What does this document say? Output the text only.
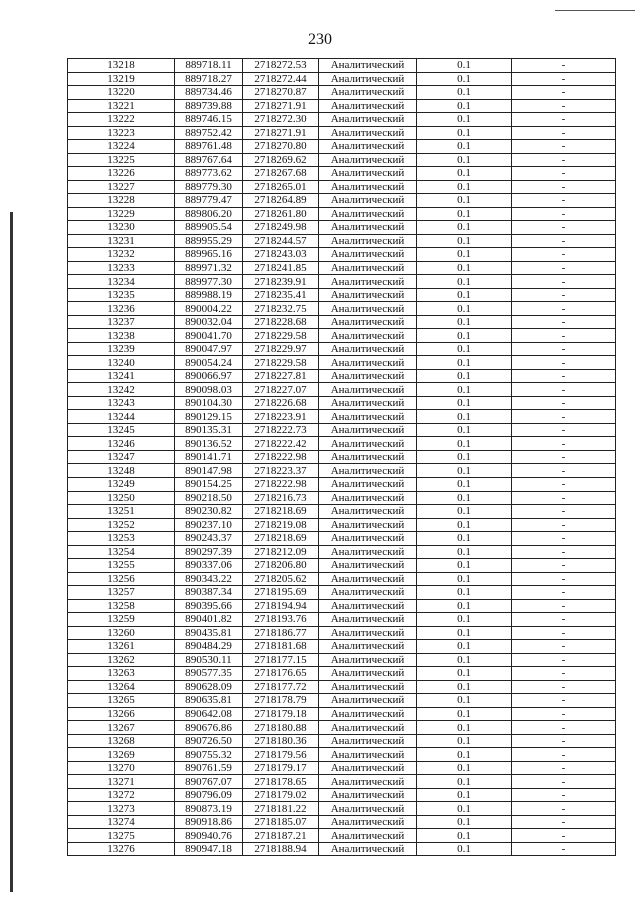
230
13218	889718.11	2718272.53	Аналитический	0.1	-
13219	889718.27	2718272.44	Аналитический	0.1	-
13220	889734.46	2718270.87	Аналитический	0.1	-
13221	889739.88	2718271.91	Аналитический	0.1	-
13222	889746.15	2718272.30	Аналитический	0.1	-
13223	889752.42	2718271.91	Аналитический	0.1	-
13224	889761.48	2718270.80	Аналитический	0.1	-
13225	889767.64	2718269.62	Аналитический	0.1	-
13226	889773.62	2718267.68	Аналитический	0.1	-
13227	889779.30	2718265.01	Аналитический	0.1	-
13228	889779.47	2718264.89	Аналитический	0.1	-
13229	889806.20	2718261.80	Аналитический	0.1	-
13230	889905.54	2718249.98	Аналитический	0.1	-
13231	889955.29	2718244.57	Аналитический	0.1	-
13232	889965.16	2718243.03	Аналитический	0.1	-
13233	889971.32	2718241.85	Аналитический	0.1	-
13234	889977.30	2718239.91	Аналитический	0.1	-
13235	889988.19	2718235.41	Аналитический	0.1	-
13236	890004.22	2718232.75	Аналитический	0.1	-
13237	890032.04	2718228.68	Аналитический	0.1	-
13238	890041.70	2718229.58	Аналитический	0.1	-
13239	890047.97	2718229.97	Аналитический	0.1	-
13240	890054.24	2718229.58	Аналитический	0.1	-
13241	890066.97	2718227.81	Аналитический	0.1	-
13242	890098.03	2718227.07	Аналитический	0.1	-
13243	890104.30	2718226.68	Аналитический	0.1	-
13244	890129.15	2718223.91	Аналитический	0.1	-
13245	890135.31	2718222.73	Аналитический	0.1	-
13246	890136.52	2718222.42	Аналитический	0.1	-
13247	890141.71	2718222.98	Аналитический	0.1	-
13248	890147.98	2718223.37	Аналитический	0.1	-
13249	890154.25	2718222.98	Аналитический	0.1	-
13250	890218.50	2718216.73	Аналитический	0.1	-
13251	890230.82	2718218.69	Аналитический	0.1	-
13252	890237.10	2718219.08	Аналитический	0.1	-
13253	890243.37	2718218.69	Аналитический	0.1	-
13254	890297.39	2718212.09	Аналитический	0.1	-
13255	890337.06	2718206.80	Аналитический	0.1	-
13256	890343.22	2718205.62	Аналитический	0.1	-
13257	890387.34	2718195.69	Аналитический	0.1	-
13258	890395.66	2718194.94	Аналитический	0.1	-
13259	890401.82	2718193.76	Аналитический	0.1	-
13260	890435.81	2718186.77	Аналитический	0.1	-
13261	890484.29	2718181.68	Аналитический	0.1	-
13262	890530.11	2718177.15	Аналитический	0.1	-
13263	890577.35	2718176.65	Аналитический	0.1	-
13264	890628.09	2718177.72	Аналитический	0.1	-
13265	890635.81	2718178.79	Аналитический	0.1	-
13266	890642.08	2718179.18	Аналитический	0.1	-
13267	890676.86	2718180.88	Аналитический	0.1	-
13268	890726.50	2718180.36	Аналитический	0.1	-
13269	890755.32	2718179.56	Аналитический	0.1	-
13270	890761.59	2718179.17	Аналитический	0.1	-
13271	890767.07	2718178.65	Аналитический	0.1	-
13272	890796.09	2718179.02	Аналитический	0.1	-
13273	890873.19	2718181.22	Аналитический	0.1	-
13274	890918.86	2718185.07	Аналитический	0.1	-
13275	890940.76	2718187.21	Аналитический	0.1	-
13276	890947.18	2718188.94	Аналитический	0.1	-
